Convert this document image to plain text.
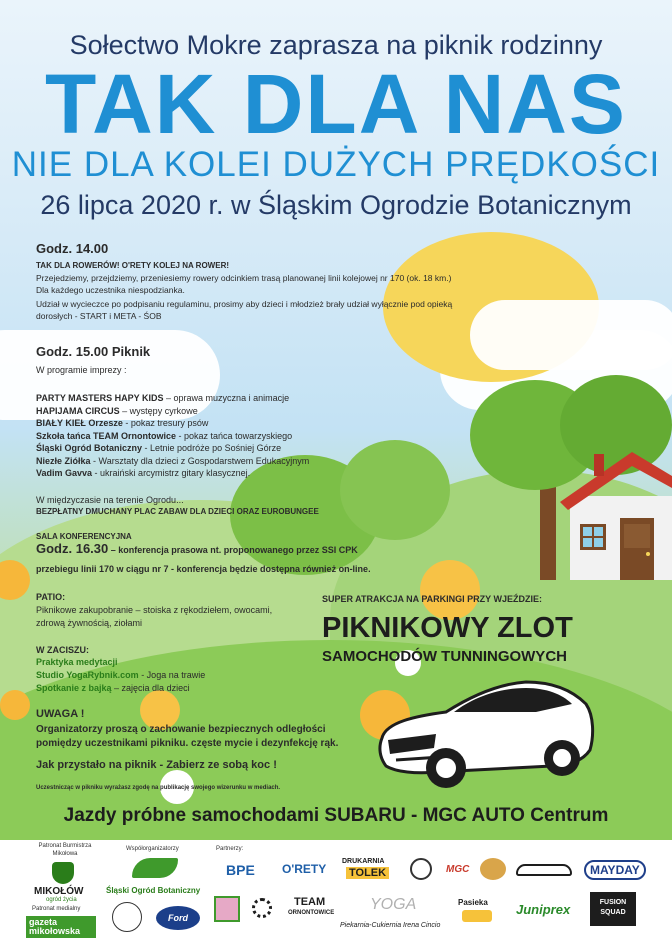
Sołectwo Mokre zaprasza na piknik rodzinny
TAK DLA NAS
NIE DLA KOLEI DUŻYCH PRĘDKOŚCI
26 lipca 2020 r. w Śląskim Ogrodzie Botanicznym
Godz. 14.00
TAK DLA ROWERÓW! O'RETY KOLEJ NA ROWER!
Przejedziemy, przejdziemy, przeniesiemy rowery odcinkiem trasą planowanej linii kolejowej nr 170 (ok. 18 km.)
Dla każdego uczestnika niespodzianka.
Udział w wycieczce po podpisaniu regulaminu, prosimy aby dzieci i młodzież brały udział wyłącznie pod opieką
dorosłych - START i META - ŚOB
Godz. 15.00 Piknik
W programie imprezy :
PARTY MASTERS HAPY KIDS – oprawa muzyczna i animacje
HAPIJAMA CIRCUS – występy cyrkowe
BIAŁY KIEŁ Orzesze - pokaz tresury psów
Szkoła tańca TEAM Ornontowice - pokaz tańca towarzyskiego
Śląski Ogród Botaniczny - Letnie podróże po Sośniej Górze
Niezłe Ziółka - Warsztaty dla dzieci z Gospodarstwem Edukacyjnym
Vadim Gavva - ukraiński arcymistrz gitary klasycznej.
W międzyczasie na terenie Ogrodu...
BEZPŁATNY DMUCHANY PLAC ZABAW DLA DZIECI ORAZ EUROBUNGEE
SALA KONFERENCYJNA
Godz. 16.30 – konferencja prasowa nt. proponowanego przez SSI CPK
przebiegu linii 170 w ciągu nr 7 - konferencja będzie dostępna również on-line.
PATIO:
Piknikowe zakupobranie – stoiska z rękodziełem, owocami,
zdrową żywnością, ziołami
W ZACISZU:
Praktyka medytacji
Studio YogaRybnik.com - Joga na trawie
Spotkanie z bajką – zajęcia dla dzieci
UWAGA !
Organizatorzy proszą o zachowanie bezpiecznych odległości
pomiędzy uczestnikami pikniku. częste mycie i dezynfekcję rąk.
Jak przystało na piknik - Zabierz ze sobą koc !
Uczestnicząc w pikniku wyrażasz zgodę na publikację swojego wizerunku w mediach.
SUPER ATRAKCJA NA PARKINGI PRZY WJEŹDZIE:
PIKNIKOWY ZLOT
SAMOCHODÓW TUNNINGOWYCH
Jazdy próbne samochodami SUBARU - MGC AUTO Centrum
Patronat Burmistrza
Mikołowa
MIKOŁÓW
ogród życia
Patronat medialny
gazeta mikołowska
Współorganizatorzy
Śląski Ogród Botaniczny
Ford
Partnerzy:
BPE O'RETY
DRUKARNIA
TOLEK	MGC	MAYDAY
TEAM
ORNONTOWICE YOGA
Piekarnia-Cukiernia Irena Cincio
Pasieka Juniprex	FUSION SQUAD
